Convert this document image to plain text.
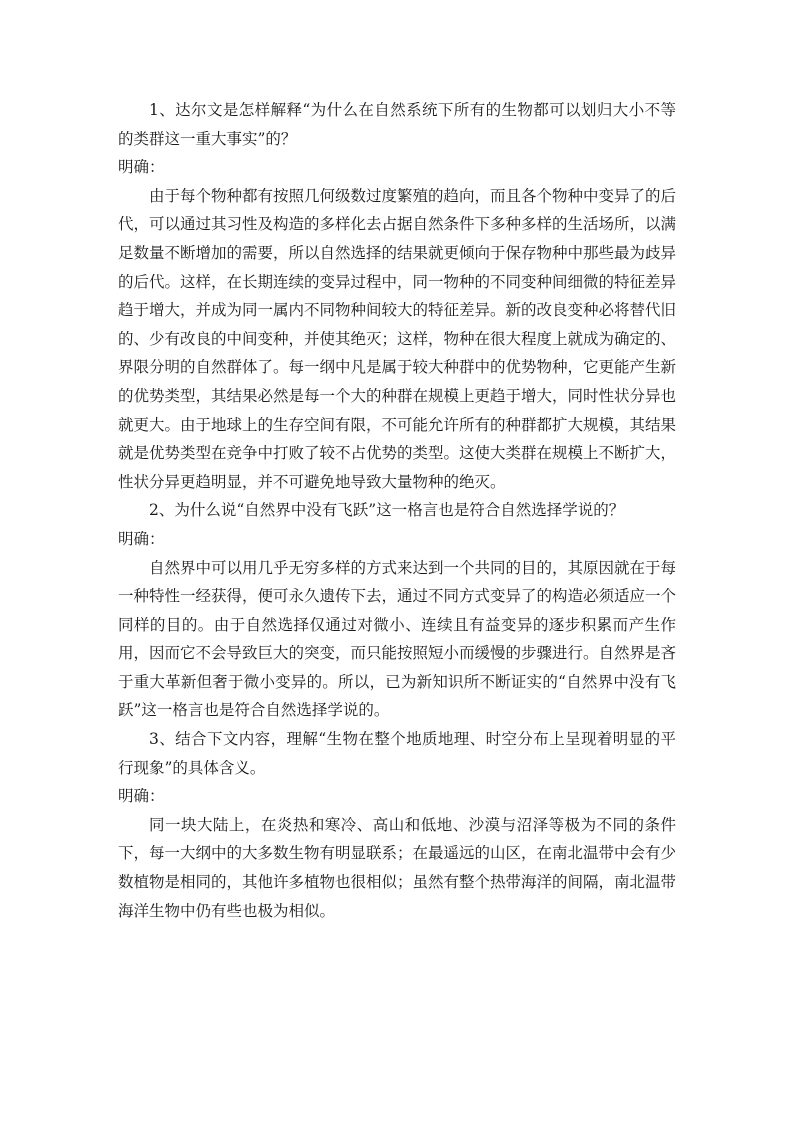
1、达尔文是怎样解释“为什么在自然系统下所有的生物都可以划归大小不等的类群这一重大事实”的？

明确：

由于每个物种都有按照几何级数过度繁殖的趋向，而且各个物种中变异了的后代，可以通过其习性及构造的多样化去占据自然条件下多种多样的生活场所，以满足数量不断增加的需要，所以自然选择的结果就更倾向于保存物种中那些最为歧异的后代。这样，在长期连续的变异过程中，同一物种的不同变种间细微的特征差异趋于增大，并成为同一属内不同物种间较大的特征差异。新的改良变种必将替代旧的、少有改良的中间变种，并使其绝灭；这样，物种在很大程度上就成为确定的、界限分明的自然群体了。每一纲中凡是属于较大种群中的优势物种，它更能产生新的优势类型，其结果必然是每一个大的种群在规模上更趋于增大，同时性状分异也就更大。由于地球上的生存空间有限，不可能允许所有的种群都扩大规模，其结果就是优势类型在竞争中打败了较不占优势的类型。这使大类群在规模上不断扩大，性状分异更趋明显，并不可避免地导致大量物种的绝灭。

2、为什么说“自然界中没有飞跃”这一格言也是符合自然选择学说的？

明确：

自然界中可以用几乎无穷多样的方式来达到一个共同的目的，其原因就在于每一种特性一经获得，便可永久遗传下去，通过不同方式变异了的构造必须适应一个同样的目的。由于自然选择仅通过对微小、连续且有益变异的逐步积累而产生作用，因而它不会导致巨大的突变，而只能按照短小而缓慢的步骤进行。自然界是吝于重大革新但奢于微小变异的。所以，已为新知识所不断证实的“自然界中没有飞跃”这一格言也是符合自然选择学说的。

3、结合下文内容，理解“生物在整个地质地理、时空分布上呈现着明显的平行现象”的具体含义。

明确：

同一块大陆上，在炎热和寒冷、高山和低地、沙漠与沼泽等极为不同的条件下，每一大纲中的大多数生物有明显联系；在最遥远的山区，在南北温带中会有少数植物是相同的，其他许多植物也很相似；虽然有整个热带海洋的间隔，南北温带海洋生物中仍有些也极为相似。
